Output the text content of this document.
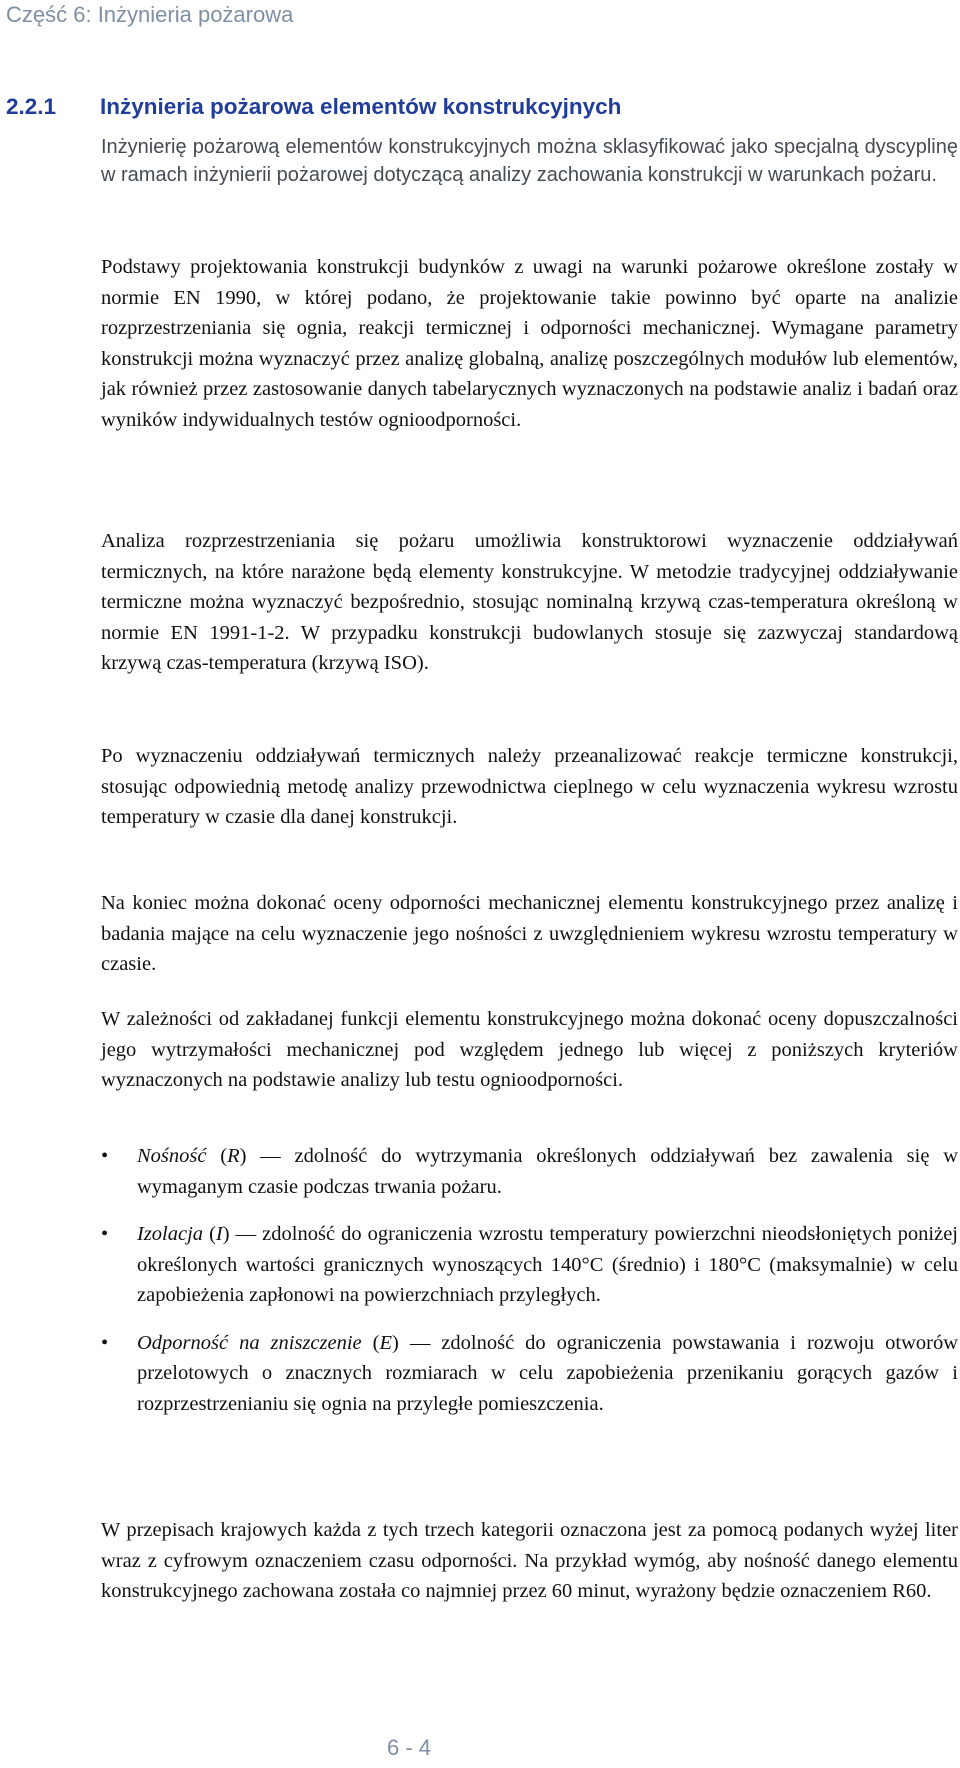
Część 6: Inżynieria pożarowa
2.2.1 Inżynieria pożarowa elementów konstrukcyjnych

Inżynierię pożarową elementów konstrukcyjnych można sklasyfikować jako specjalną dyscyplinę w ramach inżynierii pożarowej dotyczącą analizy zachowania konstrukcji w warunkach pożaru.

Podstawy projektowania konstrukcji budynków z uwagi na warunki pożarowe określone zostały w normie EN 1990, w której podano, że projektowanie takie powinno być oparte na analizie rozprzestrzeniania się ognia, reakcji termicznej i odporności mechanicznej. Wymagane parametry konstrukcji można wyznaczyć przez analizę globalną, analizę poszczególnych modułów lub elementów, jak również przez zastosowanie danych tabelarycznych wyznaczonych na podstawie analiz i badań oraz wyników indywidualnych testów ognioodporności.

Analiza rozprzestrzeniania się pożaru umożliwia konstruktorowi wyznaczenie oddziaływań termicznych, na które narażone będą elementy konstrukcyjne. W metodzie tradycyjnej oddziaływanie termiczne można wyznaczyć bezpośrednio, stosując nominalną krzywą czas-temperatura określoną w normie EN 1991-1-2. W przypadku konstrukcji budowlanych stosuje się zazwyczaj standardową krzywą czas-temperatura (krzywą ISO).

Po wyznaczeniu oddziaływań termicznych należy przeanalizować reakcje termiczne konstrukcji, stosując odpowiednią metodę analizy przewodnictwa cieplnego w celu wyznaczenia wykresu wzrostu temperatury w czasie dla danej konstrukcji.

Na koniec można dokonać oceny odporności mechanicznej elementu konstrukcyjnego przez analizę i badania mające na celu wyznaczenie jego nośności z uwzględnieniem wykresu wzrostu temperatury w czasie.

W zależności od zakładanej funkcji elementu konstrukcyjnego można dokonać oceny dopuszczalności jego wytrzymałości mechanicznej pod względem jednego lub więcej z poniższych kryteriów wyznaczonych na podstawie analizy lub testu ognioodporności.

•	Nośność (R) — zdolność do wytrzymania określonych oddziaływań bez zawalenia się w wymaganym czasie podczas trwania pożaru.
•	Izolacja (I) — zdolność do ograniczenia wzrostu temperatury powierzchni nieodsłoniętych poniżej określonych wartości granicznych wynoszących 140°C (średnio) i 180°C (maksymalnie) w celu zapobieżenia zapłonowi na powierzchniach przyległych.
•	Odporność na zniszczenie (E) — zdolność do ograniczenia powstawania i rozwoju otworów przelotowych o znacznych rozmiarach w celu zapobieżenia przenikaniu gorących gazów i rozprzestrzenianiu się ognia na przyległe pomieszczenia.

W przepisach krajowych każda z tych trzech kategorii oznaczona jest za pomocą podanych wyżej liter wraz z cyfrowym oznaczeniem czasu odporności. Na przykład wymóg, aby nośność danego elementu konstrukcyjnego zachowana została co najmniej przez 60 minut, wyrażony będzie oznaczeniem R60.

6 - 4
